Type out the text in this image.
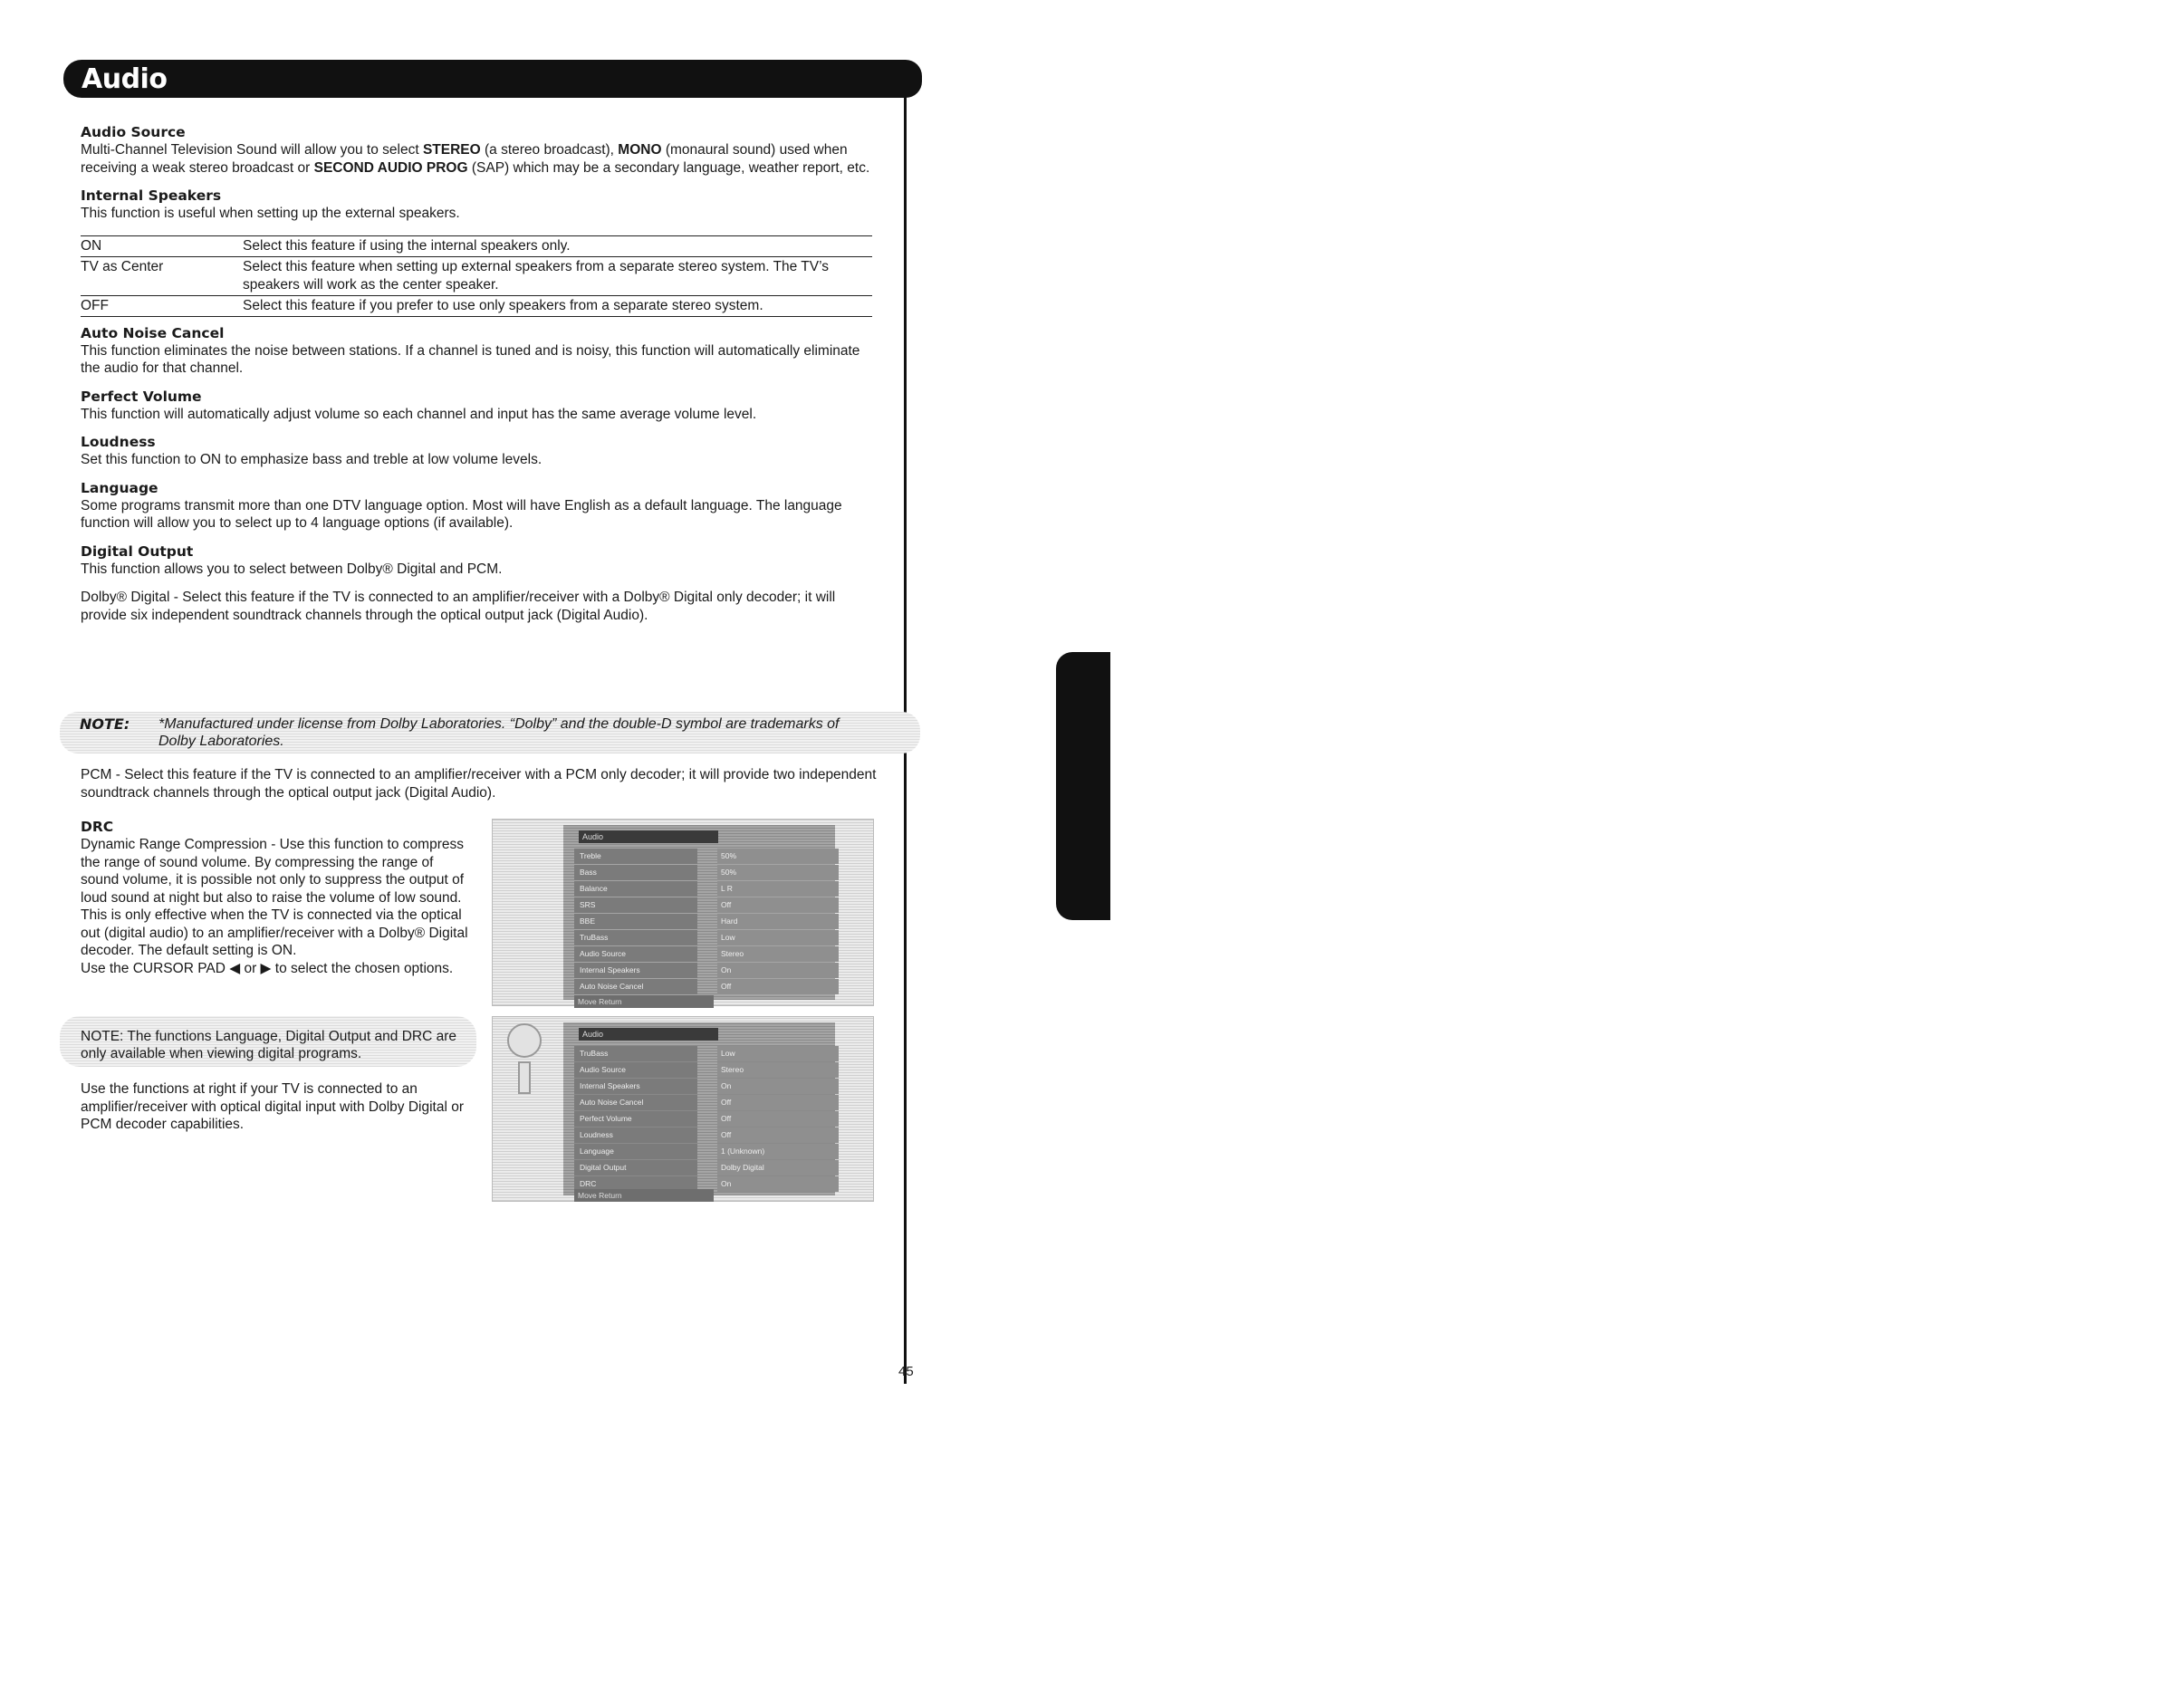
Audio
On-Screen Display

Audio Source

Multi-Channel Television Sound will allow you to select STEREO (a stereo broadcast), MONO (monaural sound) used when receiving a weak stereo broadcast or SECOND AUDIO PROG (SAP) which may be a secondary language, weather report, etc.

Internal Speakers

This function is useful when setting up the external speakers.

ON	Select this feature if using the internal speakers only.
TV as Center	Select this feature when setting up external speakers from a separate stereo system. The TV’s speakers will work as the center speaker.
OFF	Select this feature if you prefer to use only speakers from a separate stereo system.

Auto Noise Cancel

This function eliminates the noise between stations. If a channel is tuned and is noisy, this function will automatically eliminate the audio for that channel.

Perfect Volume

This function will automatically adjust volume so each channel and input has the same average volume level.

Loudness

Set this function to ON to emphasize bass and treble at low volume levels.

Language

Some programs transmit more than one DTV language option. Most will have English as a default language. The language function will allow you to select up to 4 language options (if available).

Digital Output

This function allows you to select between Dolby® Digital and PCM.

Dolby® Digital - Select this feature if the TV is connected to an amplifier/receiver with a Dolby® Digital only decoder; it will provide six independent soundtrack channels through the optical output jack (Digital Audio).

NOTE: *Manufactured under license from Dolby Laboratories. “Dolby” and the double-D symbol are trademarks of Dolby Laboratories.

PCM - Select this feature if the TV is connected to an amplifier/receiver with a PCM only decoder; it will provide two independent soundtrack channels through the optical output jack (Digital Audio).

DRC

Dynamic Range Compression - Use this function to compress the range of sound volume. By compressing the range of sound volume, it is possible not only to suppress the output of loud sound at night but also to raise the volume of low sound. This is only effective when the TV is connected via the optical out (digital audio) to an amplifier/receiver with a Dolby® Digital decoder. The default setting is ON.
Use the CURSOR PAD ◀ or ▶ to select the chosen options.
NOTE: The functions Language, Digital Output and DRC are only available when viewing digital programs.

Use the functions at right if your TV is connected to an amplifier/receiver with optical digital input with Dolby Digital or PCM decoder capabilities.

Audio
Treble	50%
Bass	50%
Balance	L R
SRS	Off
BBE	Hard
TruBass	Low
Audio Source	Stereo
Internal Speakers	On
Auto Noise Cancel	Off
Move Return
Audio
TruBass	Low
Audio Source	Stereo
Internal Speakers	On
Auto Noise Cancel	Off
Perfect Volume	Off
Loudness	Off
Language	1 (Unknown)
Digital Output	Dolby Digital
DRC	On
Move Return
45
